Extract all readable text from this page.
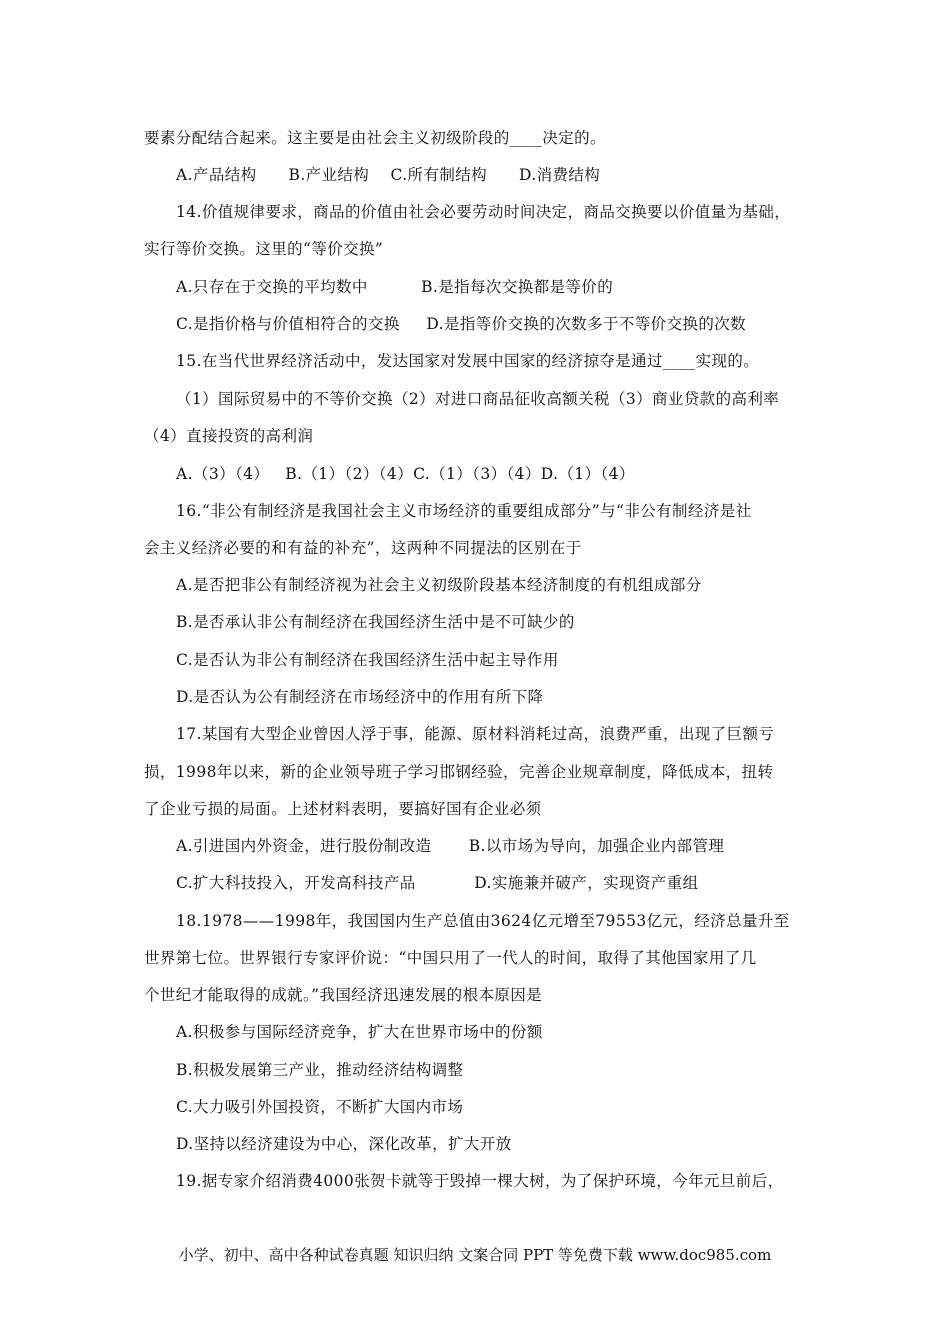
要素分配结合起来。这主要是由社会主义初级阶段的____决定的。
A.产品结构      B.产业结构    C.所有制结构      D.消费结构
14.价值规律要求，商品的价值由社会必要劳动时间决定，商品交换要以价值量为基础，
实行等价交换。这里的“等价交换”
A.只存在于交换的平均数中          B.是指每次交换都是等价的
C.是指价格与价值相符合的交换     D.是指等价交换的次数多于不等价交换的次数
15.在当代世界经济活动中，发达国家对发展中国家的经济掠夺是通过____实现的。
（1）国际贸易中的不等价交换（2）对进口商品征收高额关税（3）商业贷款的高利率
（4）直接投资的高利润
A.（3）（4）   B.（1）（2）（4）C.（1）（3）（4）D.（1）（4）
16.“非公有制经济是我国社会主义市场经济的重要组成部分”与“非公有制经济是社
会主义经济必要的和有益的补充”，这两种不同提法的区别在于
A.是否把非公有制经济视为社会主义初级阶段基本经济制度的有机组成部分
B.是否承认非公有制经济在我国经济生活中是不可缺少的
C.是否认为非公有制经济在我国经济生活中起主导作用
D.是否认为公有制经济在市场经济中的作用有所下降
17.某国有大型企业曾因人浮于事，能源、原材料消耗过高，浪费严重，出现了巨额亏
损，1998年以来，新的企业领导班子学习邯钢经验，完善企业规章制度，降低成本，扭转
了企业亏损的局面。上述材料表明，要搞好国有企业必须
A.引进国内外资金，进行股份制改造       B.以市场为导向，加强企业内部管理
C.扩大科技投入，开发高科技产品           D.实施兼并破产，实现资产重组
18.1978——1998年，我国国内生产总值由3624亿元增至79553亿元，经济总量升至
世界第七位。世界银行专家评价说：“中国只用了一代人的时间，取得了其他国家用了几
个世纪才能取得的成就。”我国经济迅速发展的根本原因是
A.积极参与国际经济竞争，扩大在世界市场中的份额
B.积极发展第三产业，推动经济结构调整
C.大力吸引外国投资，不断扩大国内市场
D.坚持以经济建设为中心，深化改革，扩大开放
19.据专家介绍消费4000张贺卡就等于毁掉一棵大树，为了保护环境，今年元旦前后，
小学、初中、高中各种试卷真题 知识归纳 文案合同 PPT 等免费下载 www.doc985.com
